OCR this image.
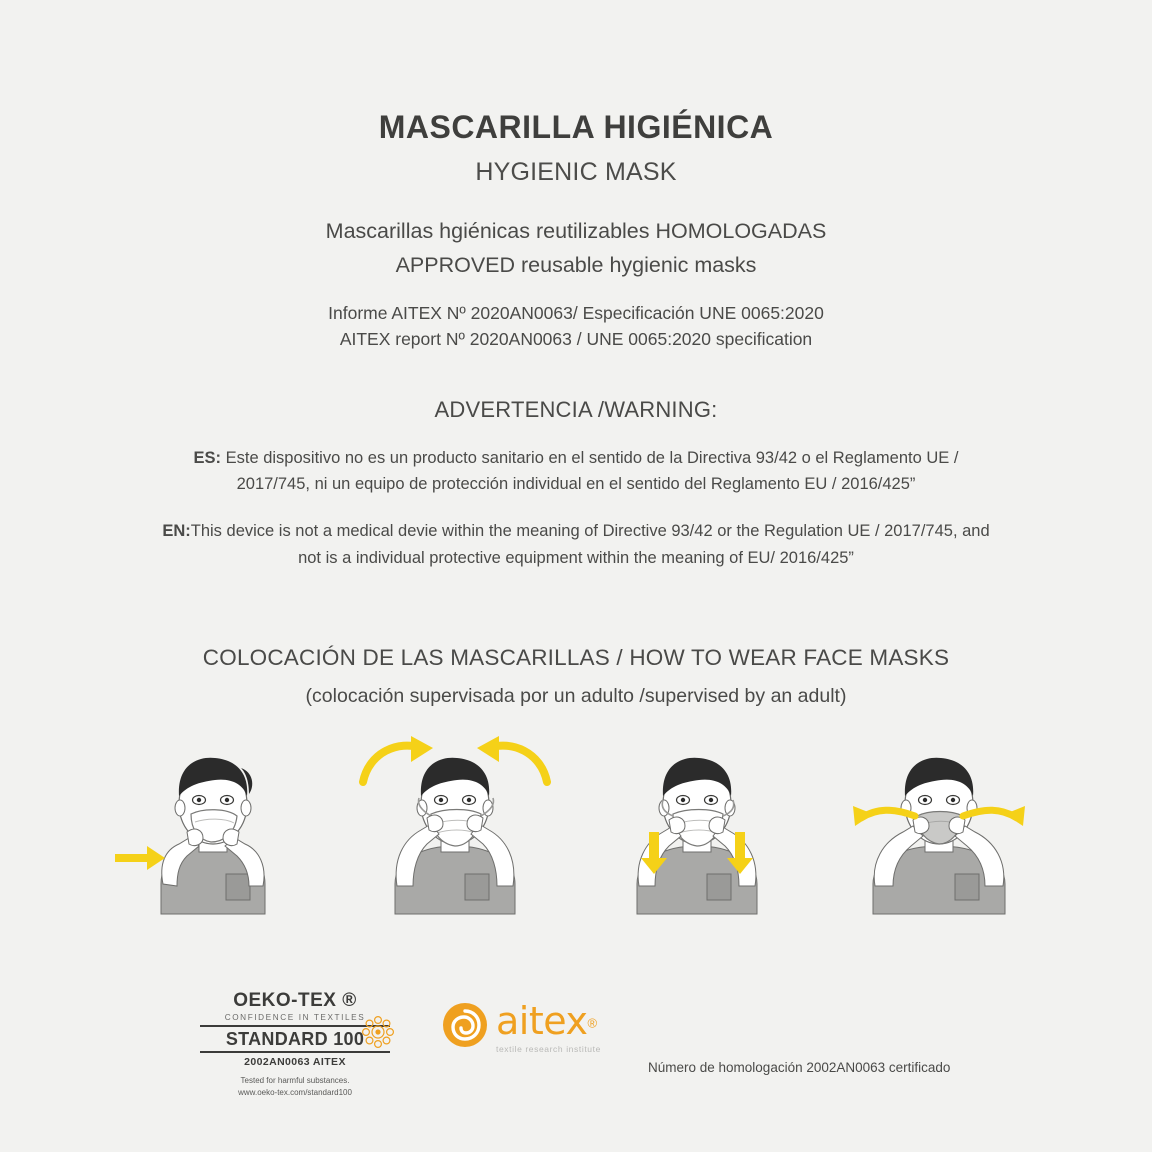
MASCARILLA HIGIÉNICA
HYGIENIC MASK
Mascarillas hgiénicas reutilizables HOMOLOGADAS
APPROVED reusable hygienic masks
Informe AITEX Nº 2020AN0063/ Especificación UNE 0065:2020
AITEX report Nº 2020AN0063 / UNE 0065:2020 specification
ADVERTENCIA /WARNING:
ES: Este dispositivo no es un producto sanitario en el sentido de la Directiva 93/42 o el Reglamento UE / 2017/745, ni un equipo de protección individual en el sentido del Reglamento EU / 2016/425”
EN:This device is not a medical devie within the meaning of Directive 93/42 or the Regulation UE / 2017/745, and not is a individual protective equipment within the meaning of EU/ 2016/425”
COLOCACIÓN DE LAS MASCARILLAS / HOW TO WEAR FACE MASKS
(colocación supervisada por un adulto /supervised by an adult)
OEKO-TEX ®
CONFIDENCE IN TEXTILES
STANDARD 100
2002AN0063 AITEX
Tested for harmful substances.
www.oeko-tex.com/standard100
aitex®
textile research institute
Número de homologación 2002AN0063 certificado
